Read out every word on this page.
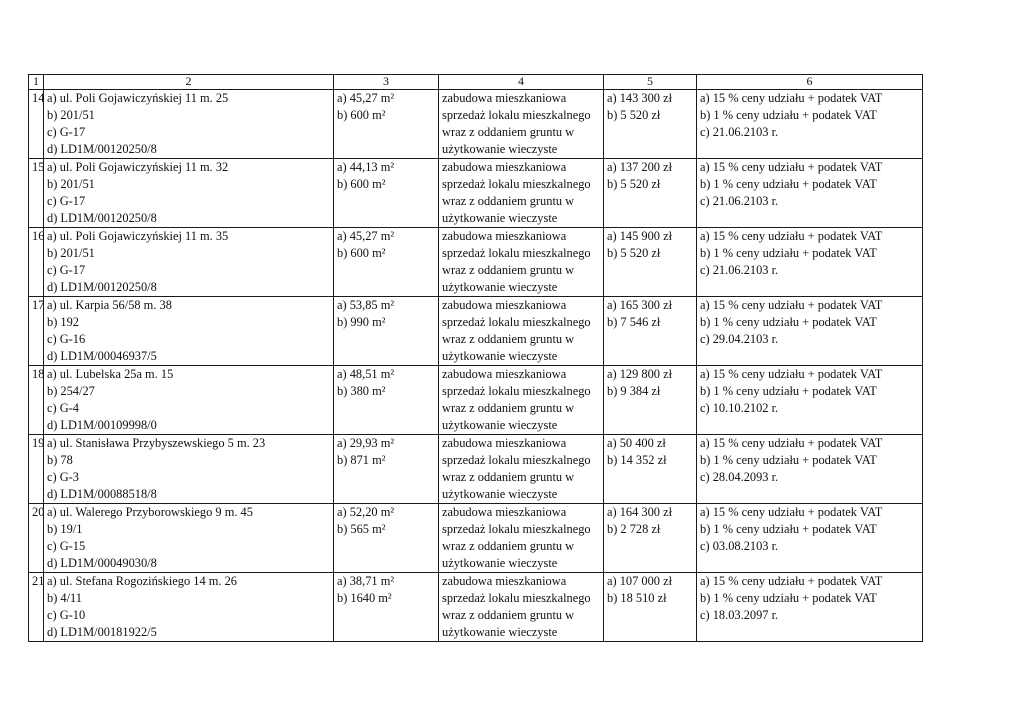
1	2	3	4	5	6

14	a) ul. Poli Gojawiczyńskiej 11 m. 25
b) 201/51
c) G-17
d) LD1M/00120250/8	a) 45,27 m²
b) 600 m²	zabudowa mieszkaniowa
sprzedaż lokalu mieszkalnego
wraz z oddaniem gruntu w
użytkowanie wieczyste	a) 143 300 zł
b) 5 520 zł	a) 15 % ceny udziału + podatek VAT
b) 1 % ceny udziału + podatek VAT
c) 21.06.2103 r.

15	a) ul. Poli Gojawiczyńskiej 11 m. 32
b) 201/51
c) G-17
d) LD1M/00120250/8	a) 44,13 m²
b) 600 m²	zabudowa mieszkaniowa
sprzedaż lokalu mieszkalnego
wraz z oddaniem gruntu w
użytkowanie wieczyste	a) 137 200 zł
b) 5 520 zł	a) 15 % ceny udziału + podatek VAT
b) 1 % ceny udziału + podatek VAT
c) 21.06.2103 r.

16	a) ul. Poli Gojawiczyńskiej 11 m. 35
b) 201/51
c) G-17
d) LD1M/00120250/8	a) 45,27 m²
b) 600 m²	zabudowa mieszkaniowa
sprzedaż lokalu mieszkalnego
wraz z oddaniem gruntu w
użytkowanie wieczyste	a) 145 900 zł
b) 5 520 zł	a) 15 % ceny udziału + podatek VAT
b) 1 % ceny udziału + podatek VAT
c) 21.06.2103 r.

17	a) ul. Karpia 56/58 m. 38
b) 192
c) G-16
d) LD1M/00046937/5	a) 53,85 m²
b) 990 m²	zabudowa mieszkaniowa
sprzedaż lokalu mieszkalnego
wraz z oddaniem gruntu w
użytkowanie wieczyste	a) 165 300 zł
b) 7 546 zł	a) 15 % ceny udziału + podatek VAT
b) 1 % ceny udziału + podatek VAT
c) 29.04.2103 r.

18	a) ul. Lubelska 25a m. 15
b) 254/27
c) G-4
d) LD1M/00109998/0	a) 48,51 m²
b) 380 m²	zabudowa mieszkaniowa
sprzedaż lokalu mieszkalnego
wraz z oddaniem gruntu w
użytkowanie wieczyste	a) 129 800 zł
b) 9 384 zł	a) 15 % ceny udziału + podatek VAT
b) 1 % ceny udziału + podatek VAT
c) 10.10.2102 r.

19	a) ul. Stanisława Przybyszewskiego 5 m. 23
b) 78
c) G-3
d) LD1M/00088518/8	a) 29,93 m²
b) 871 m²	zabudowa mieszkaniowa
sprzedaż lokalu mieszkalnego
wraz z oddaniem gruntu w
użytkowanie wieczyste	a) 50 400 zł
b) 14 352 zł	a) 15 % ceny udziału + podatek VAT
b) 1 % ceny udziału + podatek VAT
c) 28.04.2093 r.

20	a) ul. Walerego Przyborowskiego 9 m. 45
b) 19/1
c) G-15
d) LD1M/00049030/8	a) 52,20 m²
b) 565 m²	zabudowa mieszkaniowa
sprzedaż lokalu mieszkalnego
wraz z oddaniem gruntu w
użytkowanie wieczyste	a) 164 300 zł
b) 2 728 zł	a) 15 % ceny udziału + podatek VAT
b) 1 % ceny udziału + podatek VAT
c) 03.08.2103 r.

21	a) ul. Stefana Rogozińskiego 14 m. 26
b) 4/11
c) G-10
d) LD1M/00181922/5	a) 38,71 m²
b) 1640 m²	zabudowa mieszkaniowa
sprzedaż lokalu mieszkalnego
wraz z oddaniem gruntu w
użytkowanie wieczyste	a) 107 000 zł
b) 18 510 zł	a) 15 % ceny udziału + podatek VAT
b) 1 % ceny udziału + podatek VAT
c) 18.03.2097 r.
